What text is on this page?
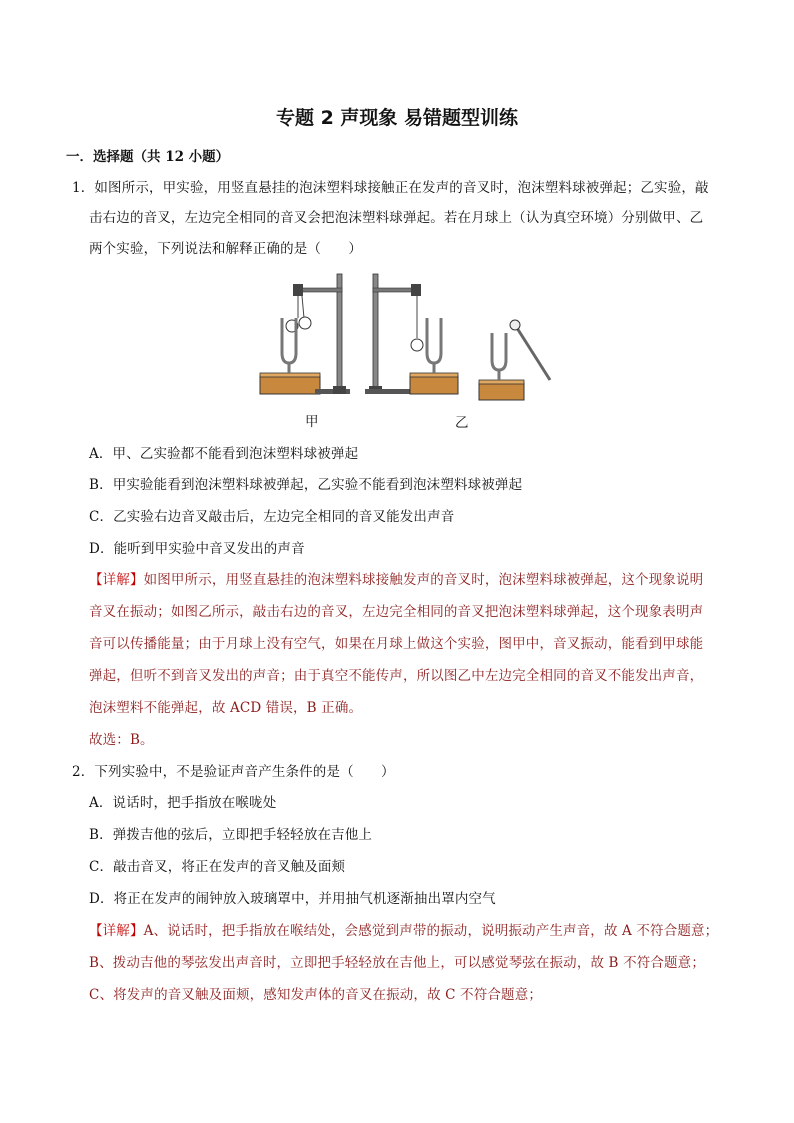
专题 2 声现象 易错题型训练
一．选择题（共 12 小题）
1．如图所示，甲实验，用竖直悬挂的泡沫塑料球接触正在发声的音叉时，泡沫塑料球被弹起；乙实验，敲
击右边的音叉，左边完全相同的音叉会把泡沫塑料球弹起。若在月球上（认为真空环境）分别做甲、乙
两个实验，下列说法和解释正确的是（　　）
甲	乙
A．甲、乙实验都不能看到泡沫塑料球被弹起
B．甲实验能看到泡沫塑料球被弹起，乙实验不能看到泡沫塑料球被弹起
C．乙实验右边音叉敲击后，左边完全相同的音叉能发出声音
D．能听到甲实验中音叉发出的声音
【详解】如图甲所示，用竖直悬挂的泡沫塑料球接触发声的音叉时，泡沫塑料球被弹起，这个现象说明
音叉在振动；如图乙所示，敲击右边的音叉，左边完全相同的音叉把泡沫塑料球弹起，这个现象表明声
音可以传播能量；由于月球上没有空气，如果在月球上做这个实验，图甲中，音叉振动，能看到甲球能
弹起，但听不到音叉发出的声音；由于真空不能传声，所以图乙中左边完全相同的音叉不能发出声音，
泡沫塑料不能弹起，故 ACD 错误，B 正确。
故选：B。
2．下列实验中，不是验证声音产生条件的是（　　）
A．说话时，把手指放在喉咙处
B．弹拨吉他的弦后，立即把手轻轻放在吉他上
C．敲击音叉，将正在发声的音叉触及面颊
D．将正在发声的闹钟放入玻璃罩中，并用抽气机逐渐抽出罩内空气
【详解】A、说话时，把手指放在喉结处，会感觉到声带的振动，说明振动产生声音，故 A 不符合题意；
B、拨动吉他的琴弦发出声音时，立即把手轻轻放在吉他上，可以感觉琴弦在振动，故 B 不符合题意；
C、将发声的音叉触及面颊，感知发声体的音叉在振动，故 C 不符合题意；
